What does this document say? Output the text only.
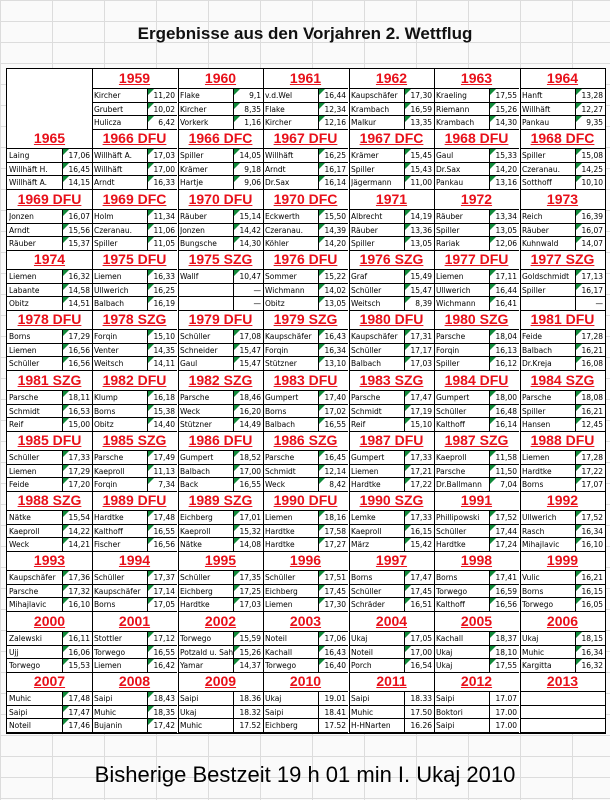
Ergebnisse aus den Vorjahren 2. Wettflug
1959
Kircher	11,20
Grubert	10,02
Hulicza	6,42
1960
Flake	9,1
Kircher	8,35
Vorkerk	1,16
1961
v.d.Wel	16,44
Flake	12,34
Kircher	12,16
1962
Kaupschäfer	17,30
Krambach	16,59
Malkur	13,35
1963
Kraeling	17,55
Riemann	15,26
Krambach	14,30
1964
Hanft	13,28
Willhäft	12,27
Pankau	9,35
1965
Laing	17,06
Willhäft H.	16,45
Willhäft A.	14,15
1966 DFU
Willhäft A.	17,03
Willhäft	17,00
Arndt	16,33
1966 DFC
Spiller	14,05
Krämer	9,18
Hartje	9,06
1967 DFU
Willhäft	16,25
Arndt	16,17
Dr.Sax	16,14
1967 DFC
Krämer	15,45
Spiller	15,43
Jägermann	11,00
1968 DFU
Gaul	15,33
Dr.Sax	14,20
Pankau	13,16
1968 DFC
Spiller	15,08
Czeranau.	14,25
Sotthoff	10,10
1969 DFU
Jonzen	16,07
Arndt	15,56
Räuber	15,37
1969 DFC
Holm	11,34
Czeranau.	11,06
Spiller	11,05
1970 DFU
Räuber	15,14
Jonzen	14,42
Bungsche	14,30
1970 DFC
Eckwerth	15,50
Czeranau.	14,39
Köhler	14,20
1971
Albrecht	14,19
Räuber	13,36
Spiller	13,05
1972
Räuber	13,34
Spiller	13,05
Rariak	12,06
1973
Reich	16,39
Räuber	16,07
Kuhnwald	14,07
1974
Liemen	16,32
Labante	14,58
Obitz	14,51
1975 DFU
Liemen	16,33
Ullwerich	16,25
Balbach	16,19
1975 SZG
Wallf	10,47
—
—
1976 DFU
Sommer	15,22
Wichmann	14,02
Obitz	13,05
1976 SZG
Graf	15,49
Schüller	15,47
Weitsch	8,39
1977 DFU
Liemen	17,11
Ullwerich	16,44
Wichmann	16,41
1977 SZG
Goldschmidt	17,13
Spiller	16,17
—
1978 DFU
Borns	17,29
Liemen	16,56
Schüller	16,56
1978 SZG
Forqin	15,10
Venter	14,35
Weitsch	14,11
1979 DFU
Schüller	17,08
Schneider	15,47
Gaul	15,47
1979 SZG
Kaupschäfer	16,43
Forqin	16,34
Stützner	13,10
1980 DFU
Kaupschäfer	17,31
Schüller	17,17
Balbach	17,03
1980 SZG
Parsche	18,04
Forqin	16,13
Spiller	16,12
1981 DFU
Feide	17,28
Balbach	16,21
Dr.Kreja	16,08
1981 SZG
Parsche	18,11
Schmidt	16,53
Reif	15,00
1982 DFU
Klump	16,18
Borns	15,38
Obitz	14,40
1982 SZG
Parsche	18,46
Weck	16,20
Stützner	14,49
1983 DFU
Gumpert	17,40
Borns	17,02
Balbach	16,55
1983 SZG
Parsche	17,47
Schmidt	17,19
Reif	15,10
1984 DFU
Gumpert	18,00
Schüller	16,48
Kalthoff	16,14
1984 SZG
Parsche	18,08
Spiller	16,21
Hansen	12,45
1985 DFU
Schüller	17,33
Liemen	17,29
Feide	17,20
1985 SZG
Parsche	17,49
Kaeproll	11,13
Forqin	7,34
1986 DFU
Gumpert	18,52
Balbach	17,00
Back	16,55
1986 SZG
Parsche	16,45
Schmidt	12,14
Weck	8,42
1987 DFU
Gumpert	17,33
Liemen	17,21
Hardtke	17,22
1987 SZG
Kaeproll	11,58
Parsche	11,50
Dr.Ballmann	7,04
1988 DFU
Liemen	17,28
Hardtke	17,22
Borns	17,07
1988 SZG
Nätke	15,54
Kaeproll	14,22
Weck	14,21
1989 DFU
Hardtke	17,48
Kalthoff	16,55
Fischer	16,56
1989 SZG
Eichberg	17,01
Kaeproll	15,32
Nätke	14,08
1990 DFU
Liemen	18,16
Hardtke	17,58
Hardtke	17,27
1990 SZG
Lemke	17,33
Kaeproll	16,15
März	15,42
1991
Phillipowski	17,52
Schüller	17,44
Hardtke	17,24
1992
Ullwerich	17,52
Rasch	16,34
Mihajlavic	16,10
1993
Kaupschäfer	17,36
Parsche	17,32
Mihajlavic	16,10
1994
Schüller	17,37
Kaupschäfer	17,14
Borns	17,05
1995
Schüller	17,35
Eichberg	17,25
Hardtke	17,03
1996
Schüller	17,51
Eichberg	17,45
Liemen	17,30
1997
Borns	17,47
Schüller	17,45
Schräder	16,51
1998
Borns	17,41
Torwego	16,59
Kalthoff	16,56
1999
Vulic	16,21
Borns	16,15
Torwego	16,05
2000
Zalewski	16,11
Ujj	16,06
Torwego	15,53
2001
Stottler	17,12
Torwego	16,55
Liemen	16,42
2002
Torwego	15,59
Potzald u. Sah 15,26
Yamar	14,37
2003
Noteil	17,06
Kachall	16,43
Torwego	16,40
2004
Ukaj	17,05
Noteil	17,00
Porch	16,54
2005
Kachall	18,37
Ukaj	18,10
Ukaj	17,55
2006
Ukaj	18,15
Muhic	16,34
Kargitta	16,32
2007
Muhic	17,48
Saipi	17,47
Noteil	17,46
2008
Saipi	18,43
Muhic	18,35
Bujanin	17,42
2009
Saipi	18.36
Ukaj	18.32
Muhic	17.52
2010
Ukaj	19.01
Saipi	18.41
Eichberg	17.52
2011
Saipi	18.33
Muhic	17.50
H-HNarten	16.26
2012
Saipi	17.07
Boktori	17.00
Saipi	17.00
2013
Bisherige Bestzeit 19 h 01 min I. Ukaj 2010
